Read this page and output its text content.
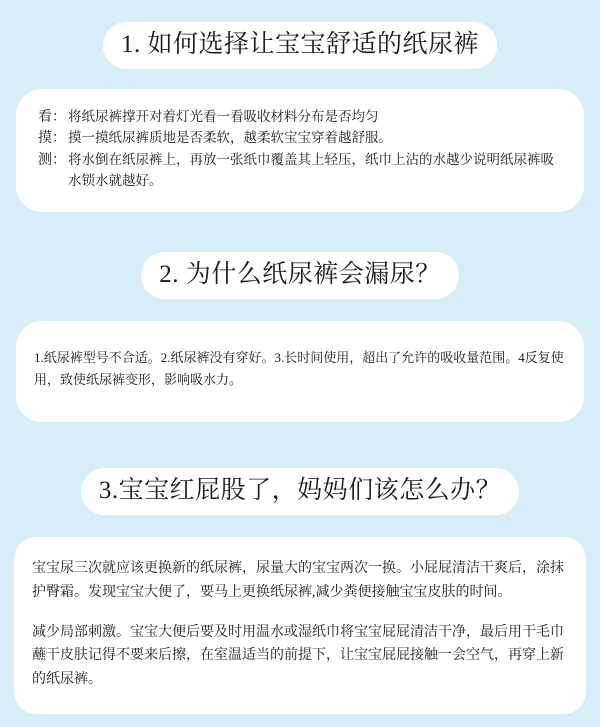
1. 如何选择让宝宝舒适的纸尿裤
看： 将纸尿裤撑开对着灯光看一看吸收材料分布是否均匀
摸： 摸一摸纸尿裤质地是否柔软，越柔软宝宝穿着越舒服。
测： 将水倒在纸尿裤上，再放一张纸巾覆盖其上轻压，纸巾上沾的水越少说明纸尿裤吸水锁水就越好。
2. 为什么纸尿裤会漏尿？
1.纸尿裤型号不合适。2.纸尿裤没有穿好。3.长时间使用，超出了允许的吸收量范围。4反复使用，致使纸尿裤变形，影响吸水力。
3.宝宝红屁股了，妈妈们该怎么办？

宝宝尿三次就应该更换新的纸尿裤，尿量大的宝宝两次一换。小屁屁清洁干爽后，涂抹护臀霜。发现宝宝大便了，要马上更换纸尿裤,减少粪便接触宝宝皮肤的时间。

减少局部刺激。宝宝大便后要及时用温水或湿纸巾将宝宝屁屁清洁干净，最后用干毛巾蘸干皮肤记得不要来后擦，在室温适当的前提下，让宝宝屁屁接触一会空气，再穿上新的纸尿裤。
